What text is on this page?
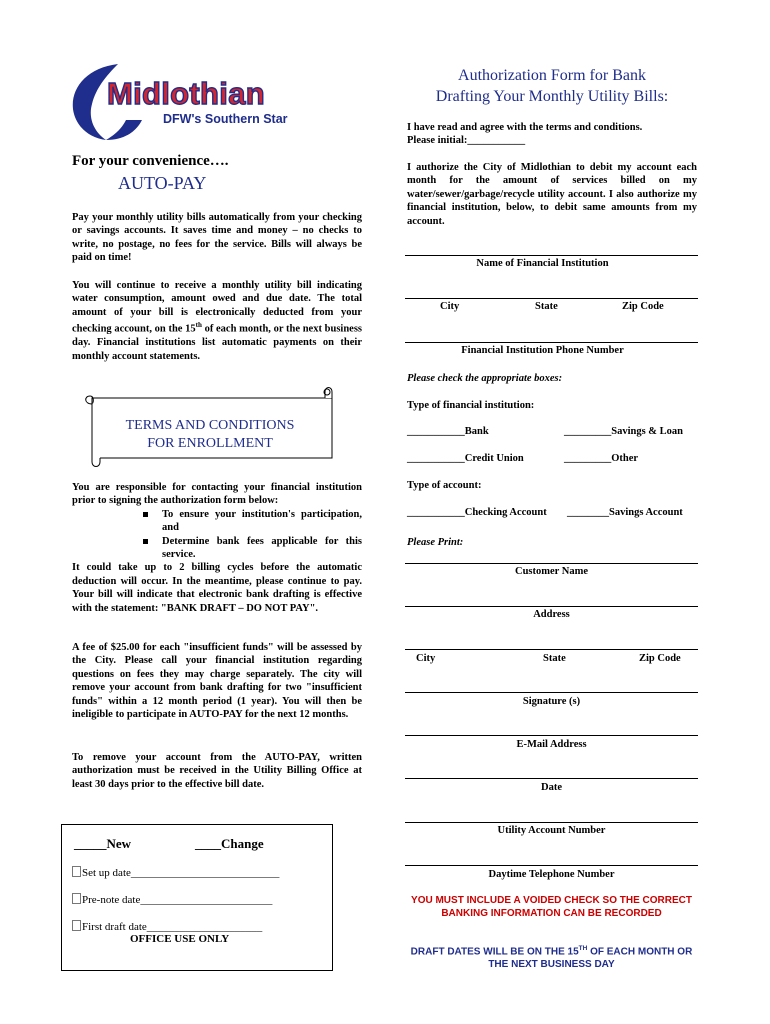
Midlothian
DFW's Southern Star
For your convenience….
AUTO-PAY
Pay your monthly utility bills automatically from your checking or savings accounts. It saves time and money – no checks to write, no postage, no fees for the service. Bills will always be paid on time!
You will continue to receive a monthly utility bill indicating water consumption, amount owed and due date. The total amount of your bill is electronically deducted from your checking account, on the 15th of each month, or the next business day. Financial institutions list automatic payments on their monthly account statements.
TERMS AND CONDITIONS
FOR ENROLLMENT
You are responsible for contacting your financial institution prior to signing the authorization form below:
To ensure your institution's participation, and
Determine bank fees applicable for this service.
It could take up to 2 billing cycles before the automatic deduction will occur. In the meantime, please continue to pay. Your bill will indicate that electronic bank drafting is effective with the statement: "BANK DRAFT – DO NOT PAY".
A fee of $25.00 for each "insufficient funds" will be assessed by the City. Please call your financial institution regarding questions on fees they may charge separately. The city will remove your account from bank drafting for two "insufficient funds" within a 12 month period (1 year). You will then be ineligible to participate in AUTO-PAY for the next 12 months.
To remove your account from the AUTO-PAY, written authorization must be received in the Utility Billing Office at least 30 days prior to the effective bill date.
_____New	____Change
Set up date___________________________
Pre-note date________________________
First draft date_____________________
OFFICE USE ONLY
Authorization Form for Bank
Drafting Your Monthly Utility Bills:
I have read and agree with the terms and conditions.
Please initial:___________
I authorize the City of Midlothian to debit my account each month for the amount of services billed on my water/sewer/garbage/recycle utility account. I also authorize my financial institution, below, to debit same amounts from my account.
Name of Financial Institution
City	State	Zip Code
Financial Institution Phone Number
Please check the appropriate boxes:
Type of financial institution:
___________Bank	_________Savings & Loan
___________Credit Union	_________Other
Type of account:
___________Checking Account ________Savings Account
Please Print:
Customer Name
Address
City	State	Zip Code
Signature (s)
E-Mail Address
Date
Utility Account Number
Daytime Telephone Number
YOU MUST INCLUDE A VOIDED CHECK SO THE CORRECT
BANKING INFORMATION CAN BE RECORDED
DRAFT DATES WILL BE ON THE 15TH OF EACH MONTH OR
THE NEXT BUSINESS DAY
